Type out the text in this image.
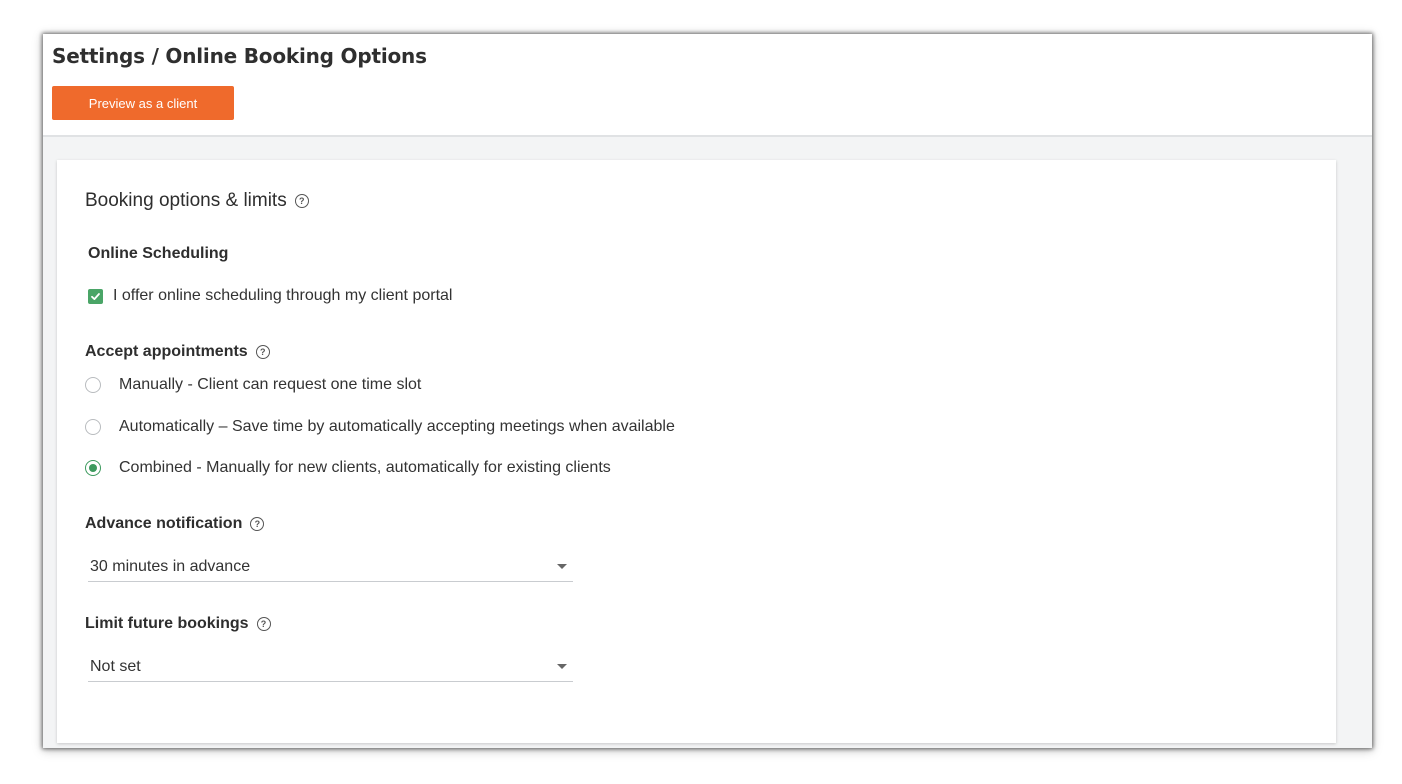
Settings / Online Booking Options
Preview as a client
Booking options & limits	?
Online Scheduling
I offer online scheduling through my client portal
Accept appointments	?
Manually - Client can request one time slot
Automatically – Save time by automatically accepting meetings when available
Combined - Manually for new clients, automatically for existing clients
Advance notification	?
30 minutes in advance
Limit future bookings	?
Not set
